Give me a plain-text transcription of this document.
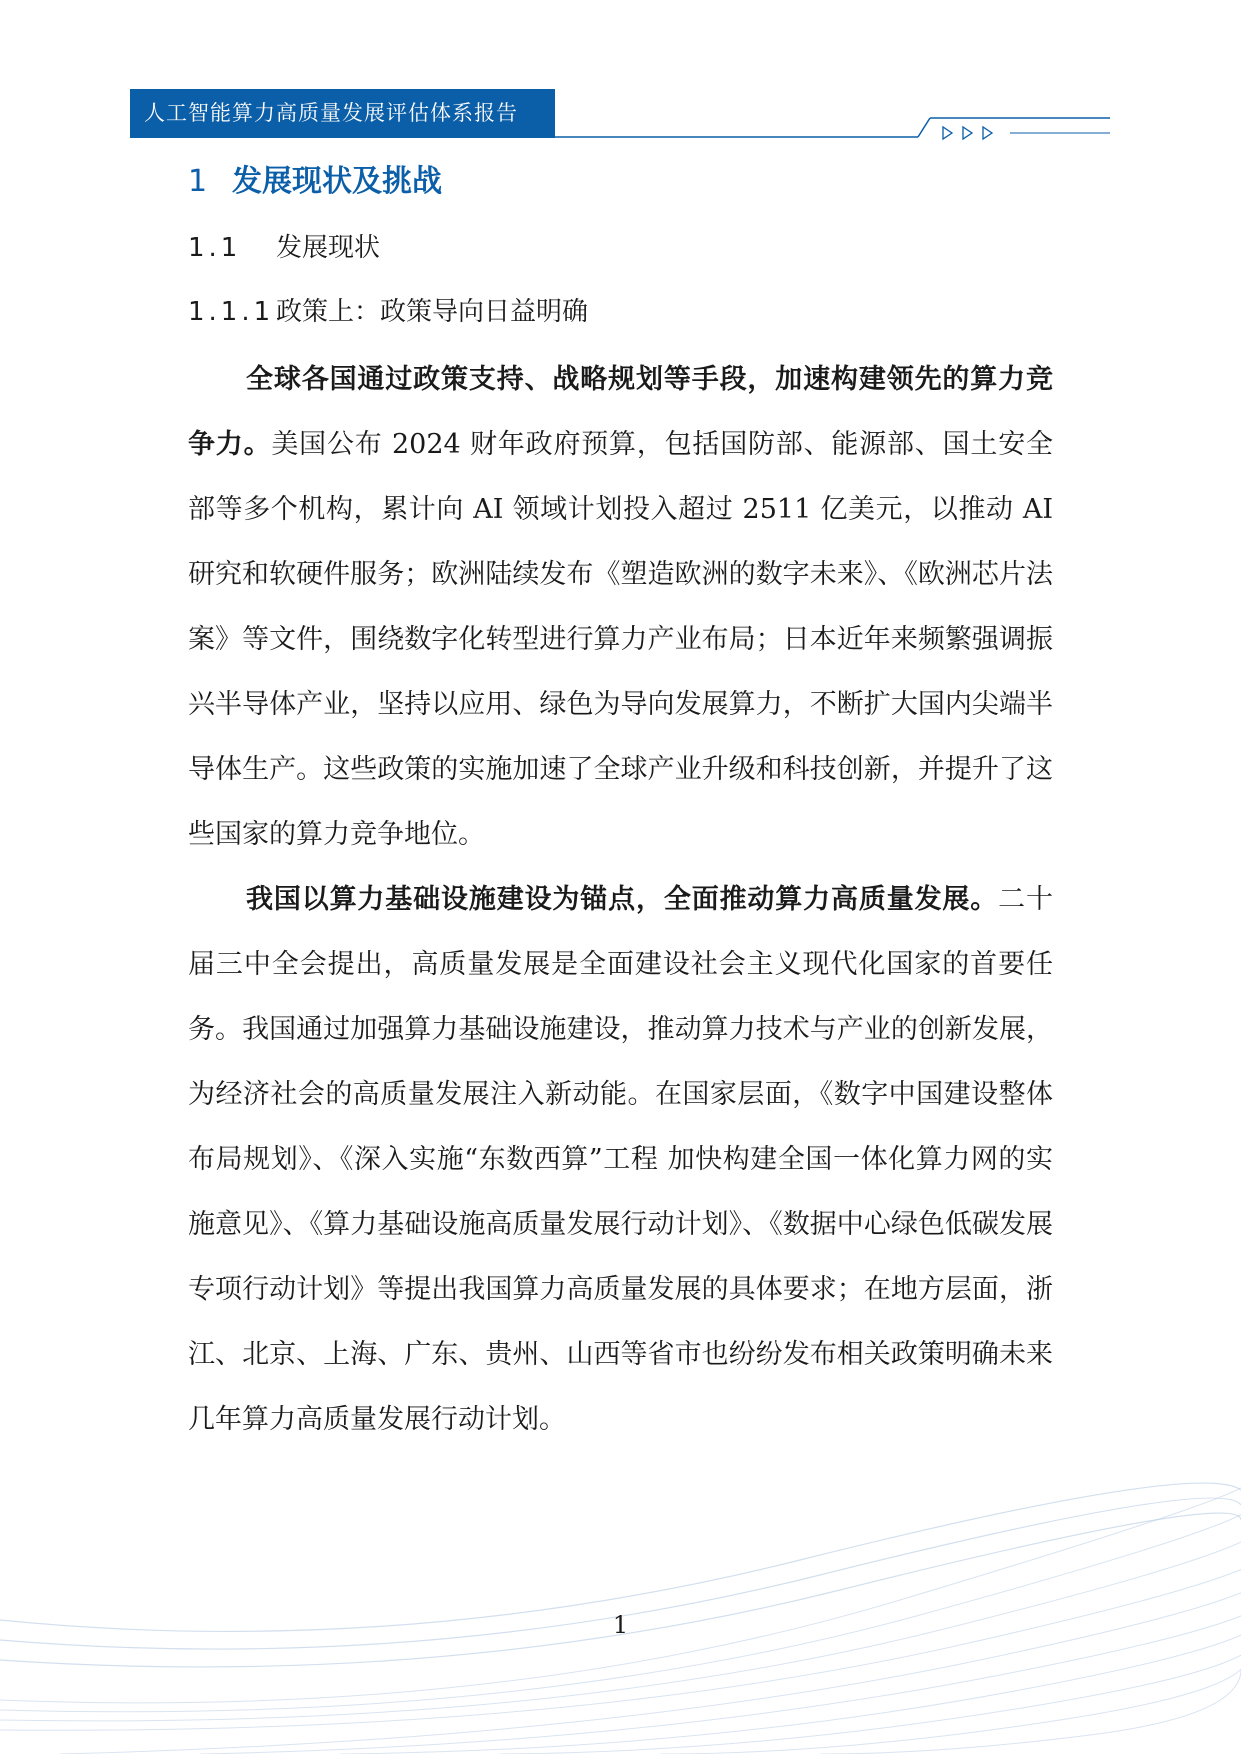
人工智能算力高质量发展评估体系报告
1 发展现状及挑战
1.1 发展现状
1.1.1政策上：政策导向日益明确

全球各国通过政策支持、战略规划等手段，加速构建领先的算力竞争力。美国公布 2024 财年政府预算，包括国防部、能源部、国土安全部等多个机构，累计向 AI 领域计划投入超过 2511 亿美元，以推动 AI 研究和软硬件服务；欧洲陆续发布《塑造欧洲的数字未来》、《欧洲芯片法案》等文件，围绕数字化转型进行算力产业布局；日本近年来频繁强调振兴半导体产业，坚持以应用、绿色为导向发展算力，不断扩大国内尖端半导体生产。这些政策的实施加速了全球产业升级和科技创新，并提升了这些国家的算力竞争地位。

我国以算力基础设施建设为锚点，全面推动算力高质量发展。二十届三中全会提出，高质量发展是全面建设社会主义现代化国家的首要任务。我国通过加强算力基础设施建设，推动算力技术与产业的创新发展，为经济社会的高质量发展注入新动能。在国家层面，《数字中国建设整体布局规划》、《深入实施“东数西算”工程 加快构建全国一体化算力网的实施意见》、《算力基础设施高质量发展行动计划》、《数据中心绿色低碳发展专项行动计划》等提出我国算力高质量发展的具体要求；在地方层面，浙江、北京、上海、广东、贵州、山西等省市也纷纷发布相关政策明确未来几年算力高质量发展行动计划。

1
